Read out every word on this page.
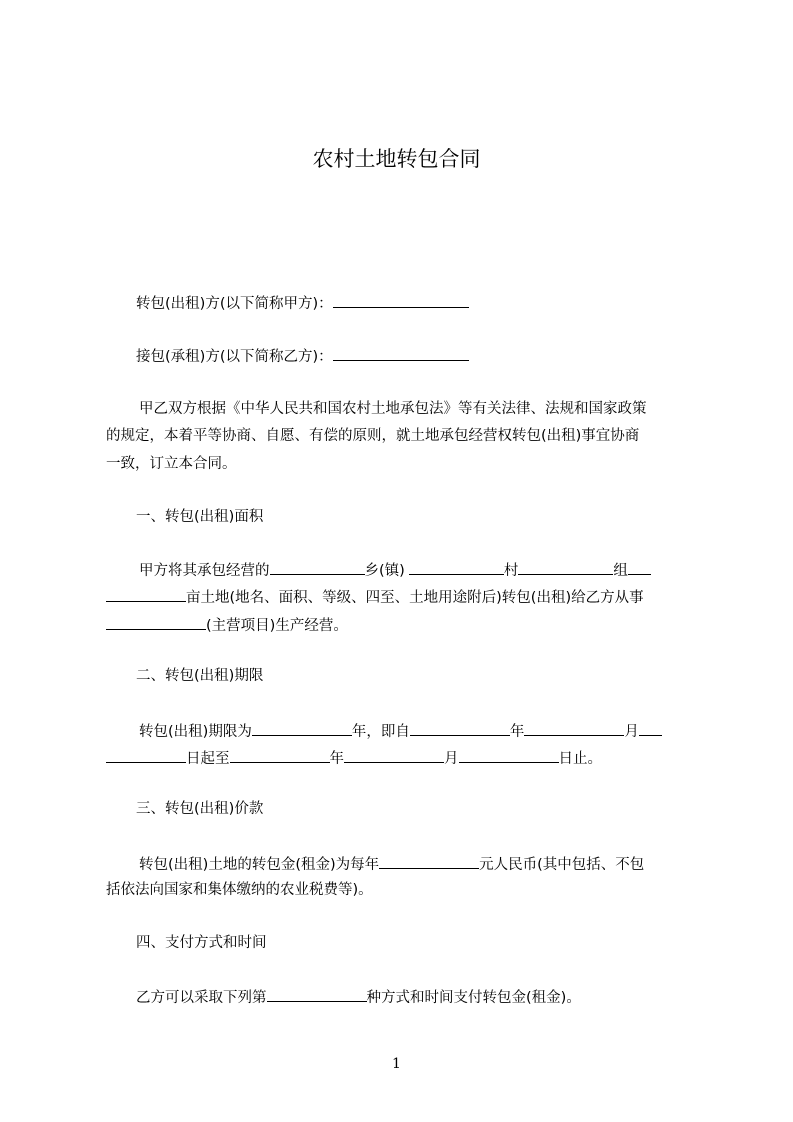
农村土地转包合同
转包(出租)方(以下简称甲方)：
接包(承租)方(以下简称乙方)：
甲乙双方根据《中华人民共和国农村土地承包法》等有关法律、法规和国家政策
的规定，本着平等协商、自愿、有偿的原则，就土地承包经营权转包(出租)事宜协商
一致，订立本合同。
一、转包(出租)面积
甲方将其承包经营的	乡(镇)	村	组
亩土地(地名、面积、等级、四至、土地用途附后)转包(出租)给乙方从事
(主营项目)生产经营。
二、转包(出租)期限
转包(出租)期限为	年，即自	年	月
日起至	年	月	日止。
三、转包(出租)价款
转包(出租)土地的转包金(租金)为每年	元人民币(其中包括、不包
括依法向国家和集体缴纳的农业税费等)。
四、支付方式和时间
乙方可以采取下列第	种方式和时间支付转包金(租金)。
1
